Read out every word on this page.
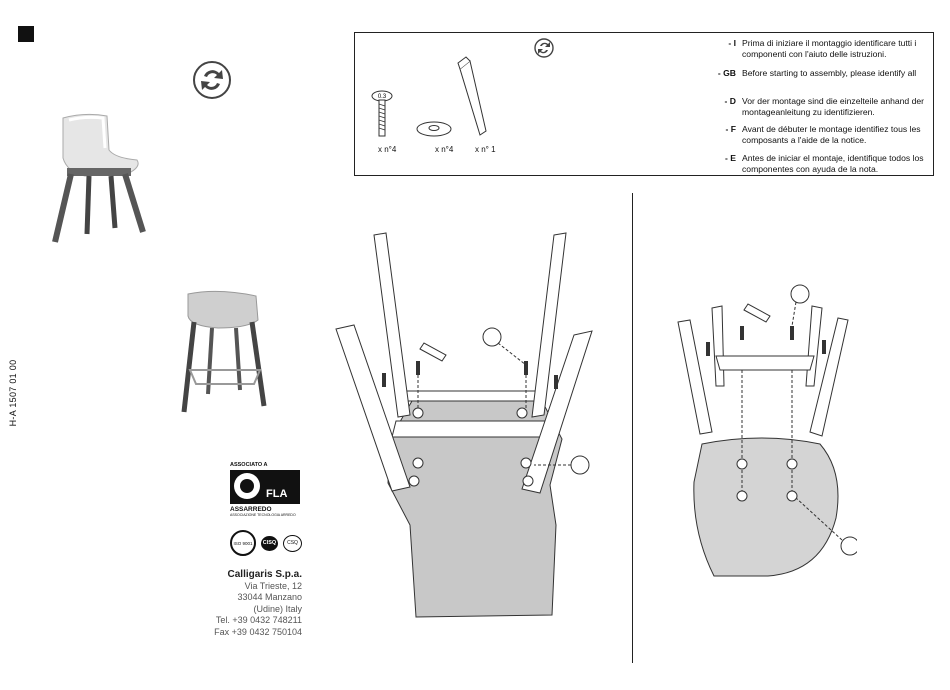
H-A 1507 01 00
0.3
x n°4	x n°4	x n° 1
- I Prima di iniziare il montaggio identificare tutti i componenti con l'aiuto delle istruzioni.
- GB Before starting to assembly, please identify all
- D Vor der montage sind die einzelteile anhand der montageanleitung zu identifizieren.
- F Avant de débuter le montage identifiez tous les composants a l'aide de la notice.
- E Antes de iniciar el montaje, identifique todos los componentes con ayuda de la nota.
ASSOCIATO A
FLA
ASSARREDO
ASSOCIAZIONE TECNOLOGIA ARREDO
ISO 9001	CISQ	CSQ
Calligaris S.p.a.
Via Trieste, 12
33044 Manzano
(Udine) Italy
Tel. +39 0432 748211
Fax +39 0432 750104
